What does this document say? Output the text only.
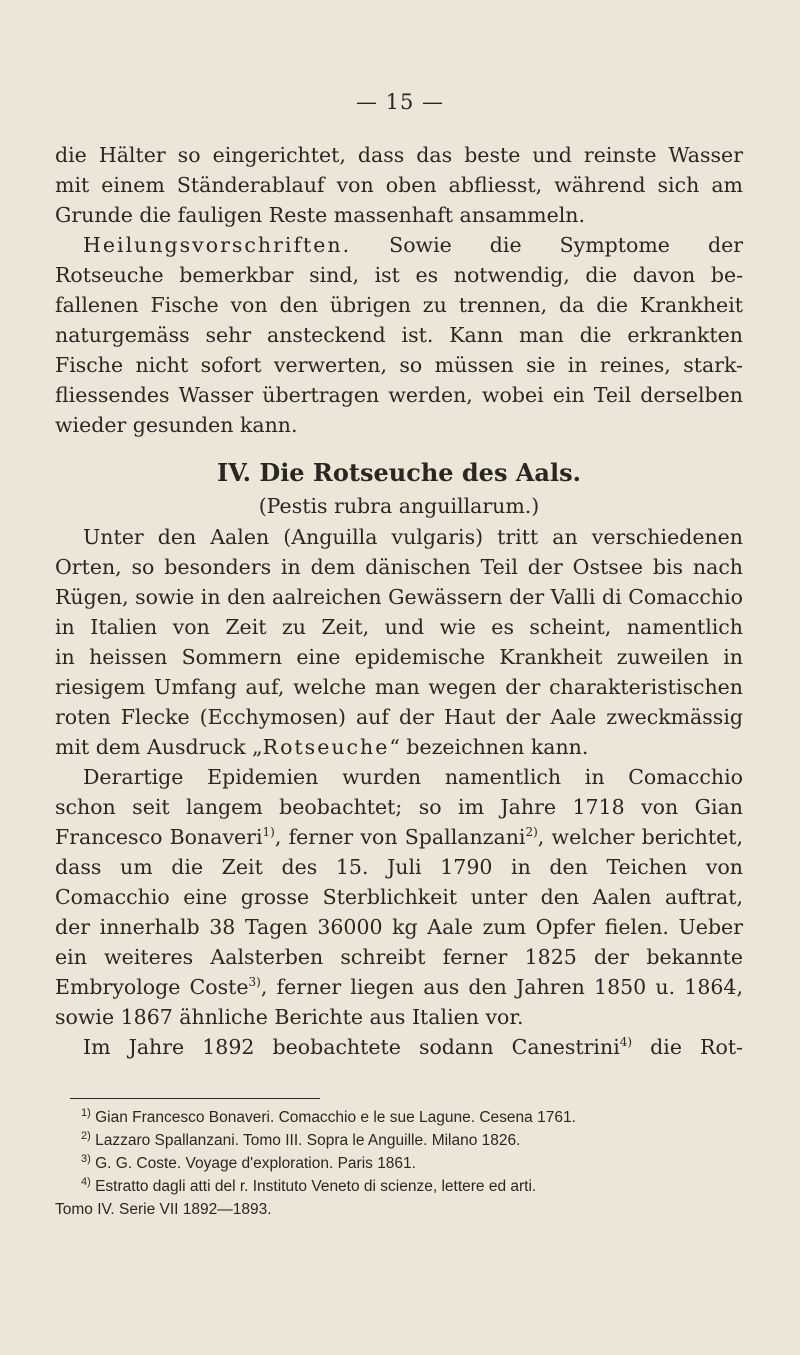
— 15 —
die Hälter so eingerichtet, dass das beste und reinste Wasser
mit einem Ständerablauf von oben abfliesst, während sich am
Grunde die fauligen Reste massenhaft ansammeln.
Heilungsvorschriften. Sowie die Symptome der
Rotseuche bemerkbar sind, ist es notwendig, die davon be-
fallenen Fische von den übrigen zu trennen, da die Krankheit
naturgemäss sehr ansteckend ist. Kann man die erkrankten
Fische nicht sofort verwerten, so müssen sie in reines, stark-
fliessendes Wasser übertragen werden, wobei ein Teil derselben
wieder gesunden kann.
IV. Die Rotseuche des Aals.
(Pestis rubra anguillarum.)
Unter den Aalen (Anguilla vulgaris) tritt an verschiedenen
Orten, so besonders in dem dänischen Teil der Ostsee bis nach
Rügen, sowie in den aalreichen Gewässern der Valli di Comacchio
in Italien von Zeit zu Zeit, und wie es scheint, namentlich
in heissen Sommern eine epidemische Krankheit zuweilen in
riesigem Umfang auf, welche man wegen der charakteristischen
roten Flecke (Ecchymosen) auf der Haut der Aale zweckmässig
mit dem Ausdruck „Rotseuche“ bezeichnen kann.
Derartige Epidemien wurden namentlich in Comacchio
schon seit langem beobachtet; so im Jahre 1718 von Gian
Francesco Bonaveri$^{1)}$, ferner von Spallanzani$^{2)}$, welcher berichtet,
dass um die Zeit des 15. Juli 1790 in den Teichen von
Comacchio eine grosse Sterblichkeit unter den Aalen auftrat,
der innerhalb 38 Tagen 36000 kg Aale zum Opfer fielen. Ueber
ein weiteres Aalsterben schreibt ferner 1825 der bekannte
Embryologe Coste$^{3)}$, ferner liegen aus den Jahren 1850 u. 1864,
sowie 1867 ähnliche Berichte aus Italien vor.
Im Jahre 1892 beobachtete sodann Canestrini$^{4)}$ die Rot-
$^{1)}$ Gian Francesco Bonaveri. Comacchio e le sue Lagune. Cesena 1761.
$^{2)}$ Lazzaro Spallanzani. Tomo III. Sopra le Anguille. Milano 1826.
$^{3)}$ G. G. Coste. Voyage d'exploration. Paris 1861.
$^{4)}$ Estratto dagli atti del r. Instituto Veneto di scienze, lettere ed arti.
Tomo IV. Serie VII 1892—1893.
